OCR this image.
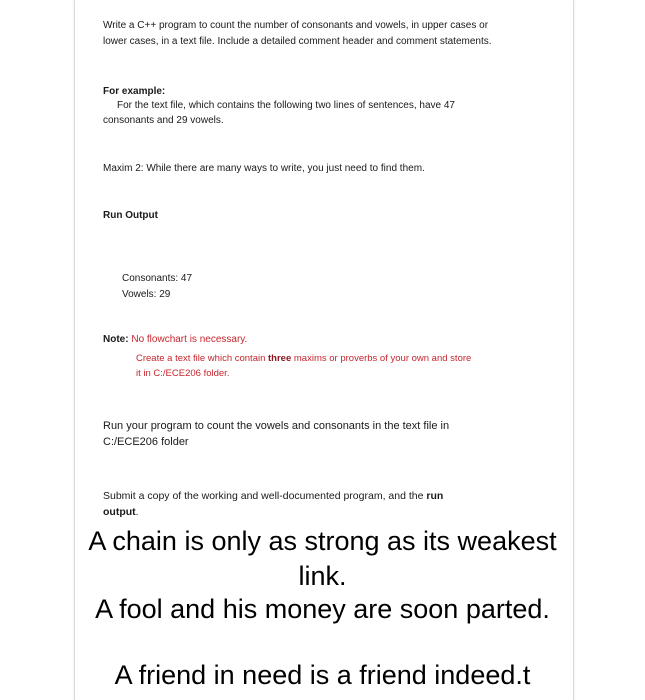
Write a C++ program to count the number of consonants and vowels, in upper cases or

lower cases, in a text file. Include a detailed comment header and comment statements.

For example:

For the text file, which contains the following two lines of sentences, have 47

consonants and 29 vowels.

Maxim 2: While there are many ways to write, you just need to find them.

Run Output

Consonants: 47

Vowels: 29

Note: No flowchart is necessary.

Create a text file which contain three maxims or proverbs of your own and store

it in C:/ECE206 folder.

Run your program to count the vowels and consonants in the text file in

C:/ECE206 folder

Submit a copy of the working and well-documented program, and the run

output.

A chain is only as strong as its weakest

link.

A fool and his money are soon parted.

A friend in need is a friend indeed.t
